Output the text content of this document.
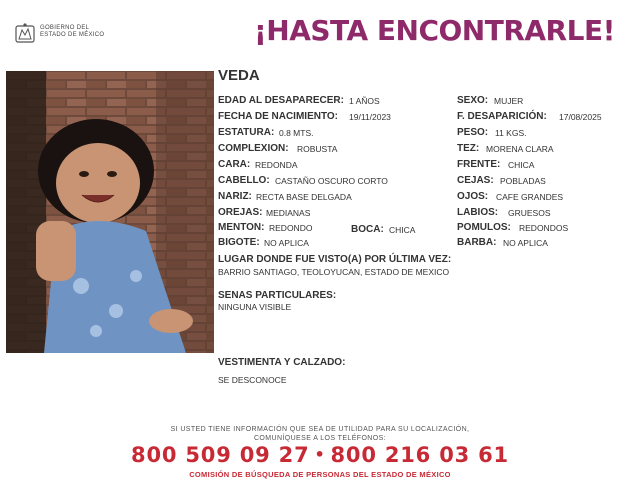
GOBIERNO DEL
ESTADO DE MÉXICO	¡HASTA ENCONTRARLE!
VEDA
EDAD AL DESAPARECER: 1 AÑOS
FECHA DE NACIMIENTO: 19/11/2023
ESTATURA: 0.8 MTS.
COMPLEXION: ROBUSTA
CARA: REDONDA
CABELLO: CASTAÑO OSCURO CORTO
NARIZ: RECTA BASE DELGADA
OREJAS: MEDIANAS
MENTON: REDONDO	BOCA: CHICA
BIGOTE: NO APLICA
SEXO: MUJER
F. DESAPARICIÓN: 17/08/2025
PESO: 11 KGS.
TEZ: MORENA CLARA
FRENTE: CHICA
CEJAS: POBLADAS
OJOS: CAFE GRANDES
LABIOS: GRUESOS
POMULOS: REDONDOS
BARBA: NO APLICA
LUGAR DONDE FUE VISTO(A) POR ÚLTIMA VEZ:
BARRIO SANTIAGO, TEOLOYUCAN, ESTADO DE MEXICO
SENAS PARTICULARES:
NINGUNA VISIBLE
VESTIMENTA Y CALZADO:
SE DESCONOCE
SI USTED TIENE INFORMACIÓN QUE SEA DE UTILIDAD PARA SU LOCALIZACIÓN,
COMUNÍQUESE A LOS TELÉFONOS:
800 509 09 27 • 800 216 03 61
COMISIÓN DE BÚSQUEDA DE PERSONAS DEL ESTADO DE MÉXICO
